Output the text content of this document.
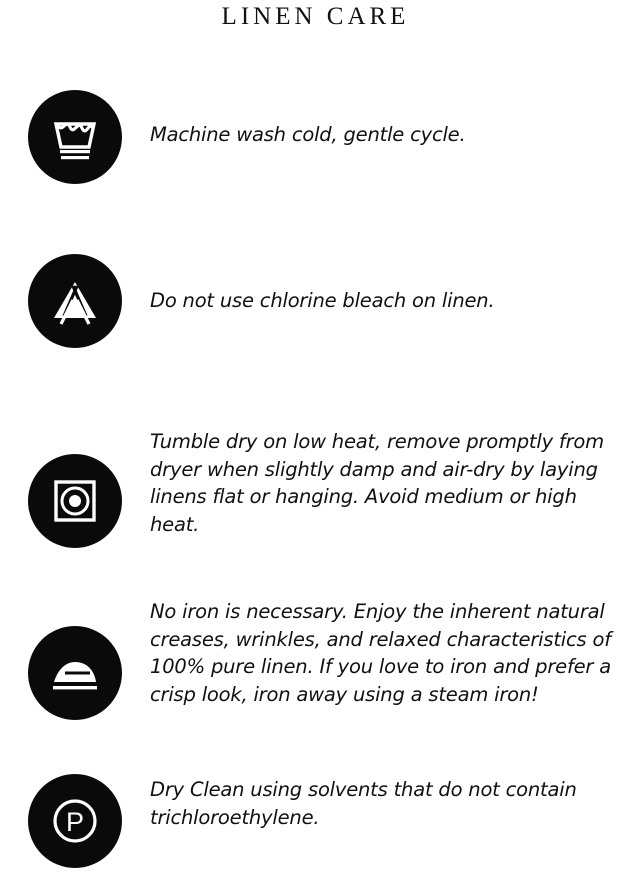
LINEN CARE

Machine wash cold, gentle cycle.

Do not use chlorine bleach on linen.

Tumble dry on low heat, remove promptly from dryer when slightly damp and air-dry by laying linens flat or hanging. Avoid medium or high heat.

No iron is necessary. Enjoy the inherent natural creases, wrinkles, and relaxed characteristics of 100% pure linen. If you love to iron and prefer a crisp look, iron away using a steam iron!

P

Dry Clean using solvents that do not contain trichloroethylene.
